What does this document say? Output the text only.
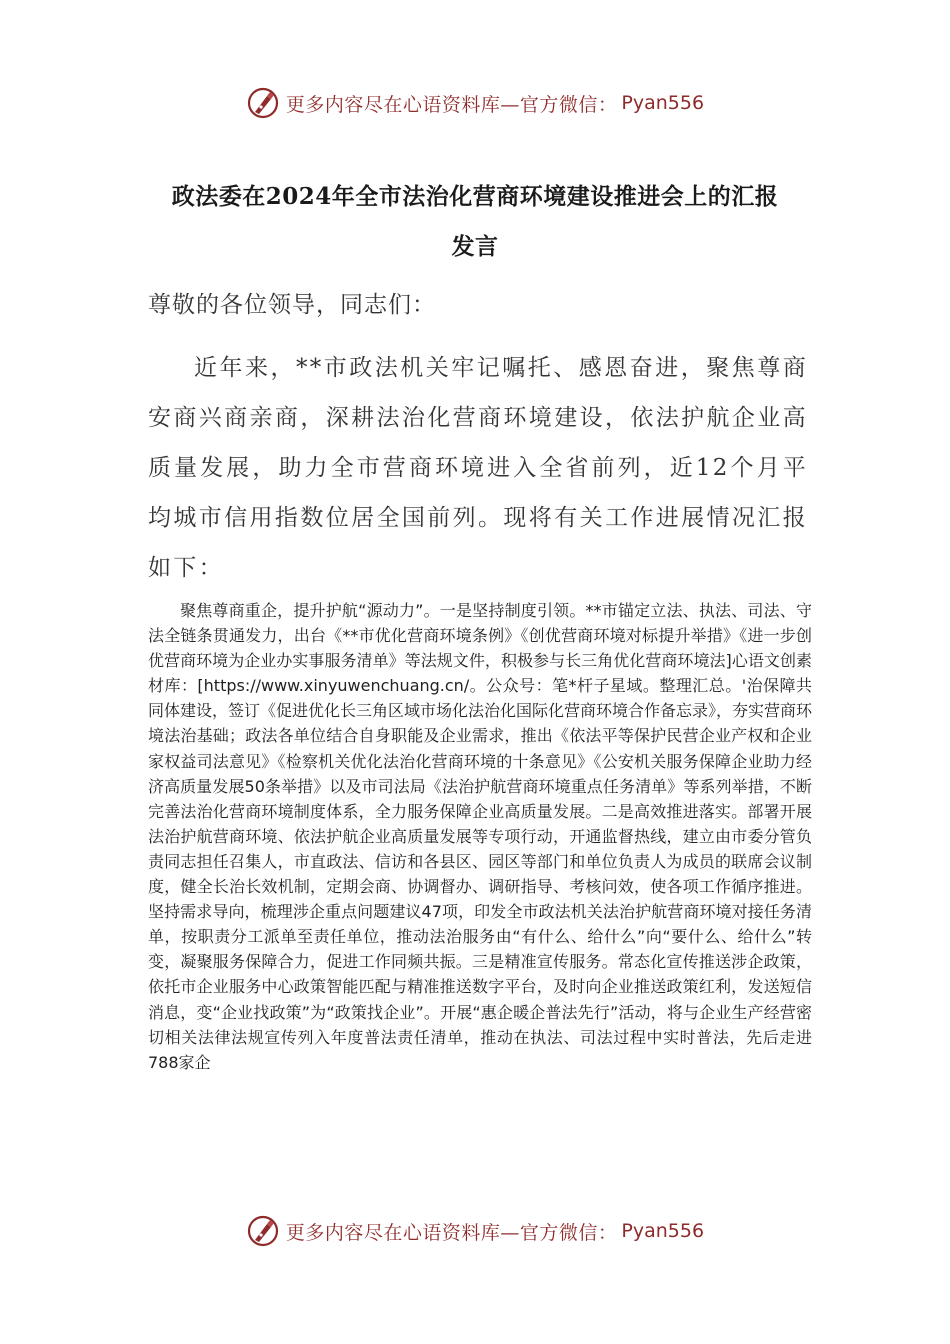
更多内容尽在心语资料库—官方微信： Pyan556
政法委在2024年全市法治化营商环境建设推进会上的汇报
发言
尊敬的各位领导，同志们：
近年来，**市政法机关牢记嘱托、感恩奋进，聚焦尊商安商兴商亲商，深耕法治化营商环境建设，依法护航企业高质量发展，助力全市营商环境进入全省前列，近12个月平均城市信用指数位居全国前列。现将有关工作进展情况汇报如下：
聚焦尊商重企，提升护航“源动力”。一是坚持制度引领。**市锚定立法、执法、司法、守法全链条贯通发力，出台《**市优化营商环境条例》《创优营商环境对标提升举措》《进一步创优营商环境为企业办实事服务清单》等法规文件，积极参与长三角优化营商环境法]心语文创素材库：[https://www.xinyuwenchuang.cn/。公众号：笔*杆子星域。整理汇总。'治保障共同体建设，签订《促进优化长三角区域市场化法治化国际化营商环境合作备忘录》，夯实营商环境法治基础；政法各单位结合自身职能及企业需求，推出《依法平等保护民营企业产权和企业家权益司法意见》《检察机关优化法治化营商环境的十条意见》《公安机关服务保障企业助力经济高质量发展50条举措》以及市司法局《法治护航营商环境重点任务清单》等系列举措，不断完善法治化营商环境制度体系，全力服务保障企业高质量发展。二是高效推进落实。部署开展法治护航营商环境、依法护航企业高质量发展等专项行动，开通监督热线，建立由市委分管负责同志担任召集人，市直政法、信访和各县区、园区等部门和单位负责人为成员的联席会议制度，健全长治长效机制，定期会商、协调督办、调研指导、考核问效，使各项工作循序推进。坚持需求导向，梳理涉企重点问题建议47项，印发全市政法机关法治护航营商环境对接任务清单，按职责分工派单至责任单位，推动法治服务由“有什么、给什么”向“要什么、给什么”转变，凝聚服务保障合力，促进工作同频共振。三是精准宣传服务。常态化宣传推送涉企政策，依托市企业服务中心政策智能匹配与精准推送数字平台，及时向企业推送政策红利，发送短信消息，变“企业找政策”为“政策找企业”。开展“惠企暖企普法先行”活动，将与企业生产经营密切相关法律法规宣传列入年度普法责任清单，推动在执法、司法过程中实时普法，先后走进788家企
更多内容尽在心语资料库—官方微信： Pyan556
